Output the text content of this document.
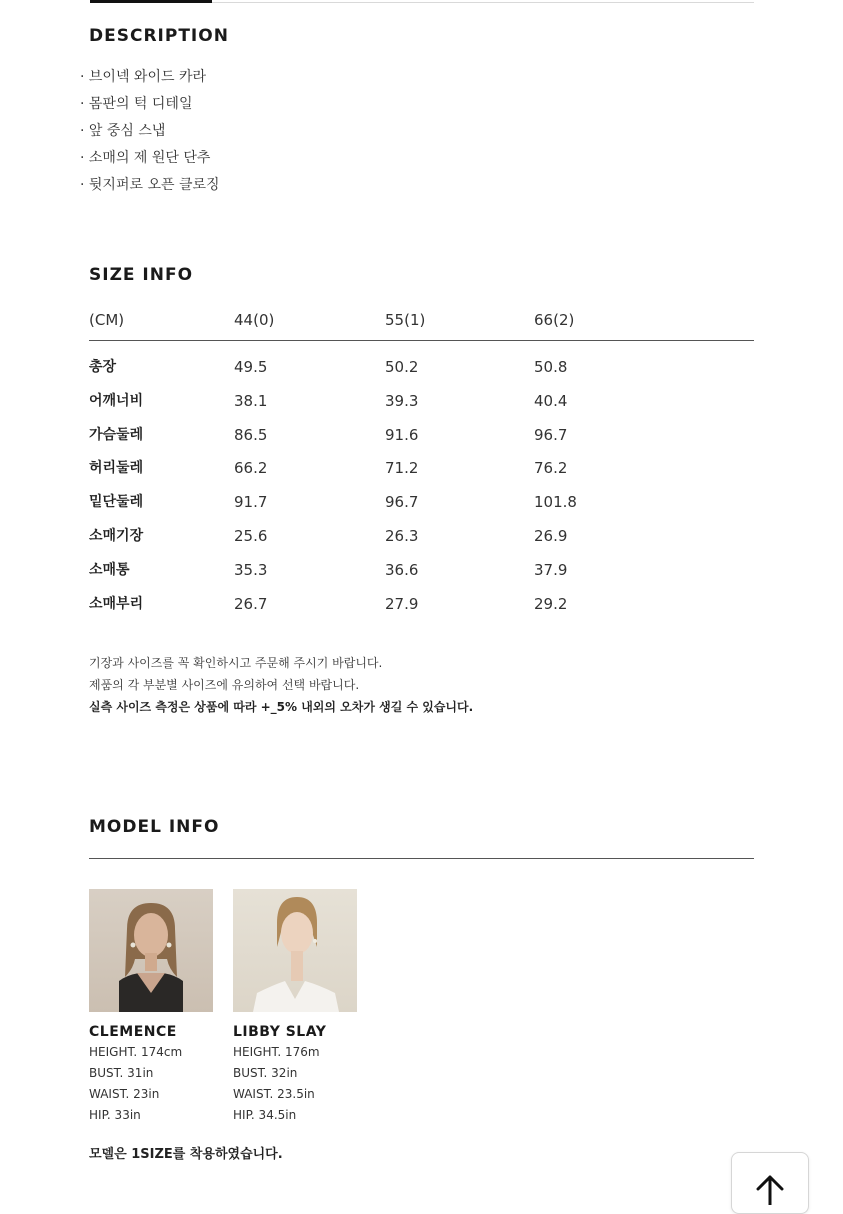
DESCRIPTION
· 브이넥 와이드 카라
· 몸판의 턱 디테일
· 앞 중심 스냅
· 소매의 제 원단 단추
· 뒷지퍼로 오픈 클로징
SIZE INFO
(CM)	44(0)	55(1)	66(2)
총장	49.5	50.2	50.8
어깨너비	38.1	39.3	40.4
가슴둘레	86.5	91.6	96.7
허리둘레	66.2	71.2	76.2
밑단둘레	91.7	96.7	101.8
소매기장	25.6	26.3	26.9
소매통	35.3	36.6	37.9
소매부리	26.7	27.9	29.2
기장과 사이즈를 꼭 확인하시고 주문해 주시기 바랍니다.
제품의 각 부분별 사이즈에 유의하여 선택 바랍니다.
실측 사이즈 측정은 상품에 따라 +_5% 내외의 오차가 생길 수 있습니다.
MODEL INFO
CLEMENCE
HEIGHT. 174cm
BUST. 31in
WAIST. 23in
HIP. 33in
LIBBY SLAY
HEIGHT. 176m
BUST. 32in
WAIST. 23.5in
HIP. 34.5in
모델은 1SIZE를 착용하였습니다.
